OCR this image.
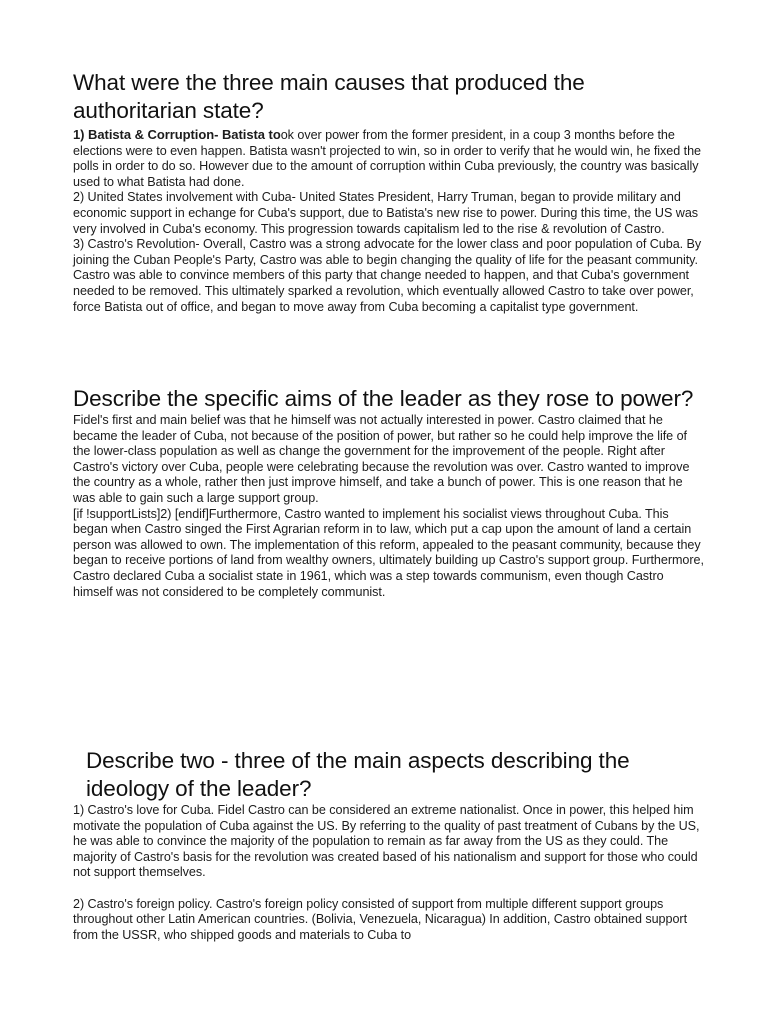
What were the three main causes that produced the authoritarian state?

1) Batista & Corruption- Batista took over power from the former president, in a coup 3 months before the elections were to even happen. Batista wasn't projected to win, so in order to verify that he would win, he fixed the polls in order to do so. However due to the amount of corruption within Cuba previously, the country was basically used to what Batista had done.

2) United States involvement with Cuba- United States President, Harry Truman, began to provide military and economic support in echange for Cuba's support, due to Batista's new rise to power. During this time, the US was very involved in Cuba's economy. This progression towards capitalism led to the rise & revolution of Castro.

3) Castro's Revolution- Overall, Castro was a strong advocate for the lower class and poor population of Cuba. By joining the Cuban People's Party, Castro was able to begin changing the quality of life for the peasant community. Castro was able to convince members of this party that change needed to happen, and that Cuba's government needed to be removed. This ultimately sparked a revolution, which eventually allowed Castro to take over power, force Batista out of office, and began to move away from Cuba becoming a capitalist type government.

Describe the specific aims of the leader as they rose to power?

Fidel's first and main belief was that he himself was not actually interested in power. Castro claimed that he became the leader of Cuba, not because of the position of power, but rather so he could help improve the life of the lower-class population as well as change the government for the improvement of the people. Right after Castro's victory over Cuba, people were celebrating because the revolution was over. Castro wanted to improve the country as a whole, rather then just improve himself, and take a bunch of power. This is one reason that he was able to gain such a large support group.

[if !supportLists]2) [endif]Furthermore, Castro wanted to implement his socialist views throughout Cuba. This began when Castro singed the First Agrarian reform in to law, which put a cap upon the amount of land a certain person was allowed to own. The implementation of this reform, appealed to the peasant community, because they began to receive portions of land from wealthy owners, ultimately building up Castro's support group. Furthermore, Castro declared Cuba a socialist state in 1961, which was a step towards communism, even though Castro himself was not considered to be completely communist.

Describe two - three of the main aspects describing the ideology of the leader?

1) Castro's love for Cuba. Fidel Castro can be considered an extreme nationalist. Once in power, this helped him motivate the population of Cuba against the US. By referring to the quality of past treatment of Cubans by the US, he was able to convince the majority of the population to remain as far away from the US as they could. The majority of Castro's basis for the revolution was created based of his nationalism and support for those who could not support themselves.

2) Castro's foreign policy. Castro's foreign policy consisted of support from multiple different support groups throughout other Latin American countries. (Bolivia, Venezuela, Nicaragua) In addition, Castro obtained support from the USSR, who shipped goods and materials to Cuba to
